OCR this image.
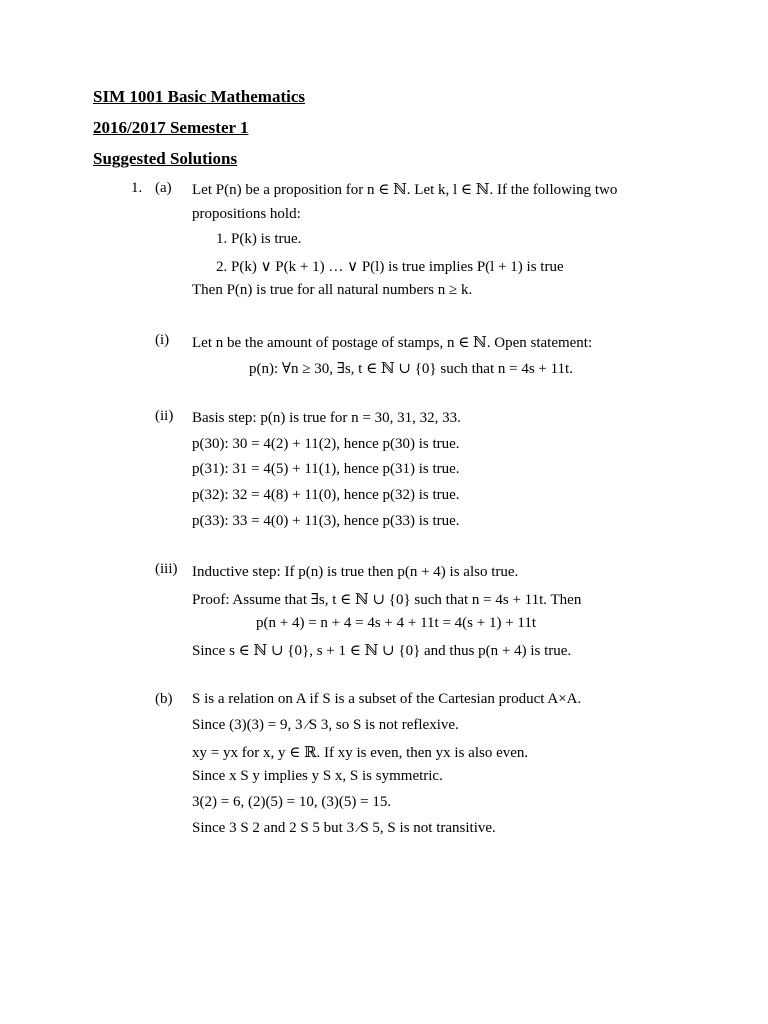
SIM 1001 Basic Mathematics
2016/2017 Semester 1
Suggested Solutions
1. (a) Let P(n) be a proposition for n ∈ ℕ. Let k, l ∈ ℕ. If the following two
propositions hold:
1. P(k) is true.
2. P(k) ∨ P(k + 1) … ∨ P(l) is true implies P(l + 1) is true
Then P(n) is true for all natural numbers n ≥ k.
(i) Let n be the amount of postage of stamps, n ∈ ℕ. Open statement:
p(n): ∀n ≥ 30, ∃s, t ∈ ℕ ∪ {0} such that n = 4s + 11t.
(ii) Basis step: p(n) is true for n = 30, 31, 32, 33.
p(30): 30 = 4(2) + 11(2), hence p(30) is true.
p(31): 31 = 4(5) + 11(1), hence p(31) is true.
p(32): 32 = 4(8) + 11(0), hence p(32) is true.
p(33): 33 = 4(0) + 11(3), hence p(33) is true.
(iii) Inductive step: If p(n) is true then p(n + 4) is also true.
Proof: Assume that ∃s, t ∈ ℕ ∪ {0} such that n = 4s + 11t. Then
p(n + 4) = n + 4 = 4s + 4 + 11t = 4(s + 1) + 11t
Since s ∈ ℕ ∪ {0}, s + 1 ∈ ℕ ∪ {0} and thus p(n + 4) is true.
(b) S is a relation on A if S is a subset of the Cartesian product A×A.
Since (3)(3) = 9, 3 ⁄S 3, so S is not reflexive.
xy = yx for x, y ∈ ℝ. If xy is even, then yx is also even.
Since x S y implies y S x, S is symmetric.
3(2) = 6, (2)(5) = 10, (3)(5) = 15.
Since 3 S 2 and 2 S 5 but 3 ⁄S 5, S is not transitive.
